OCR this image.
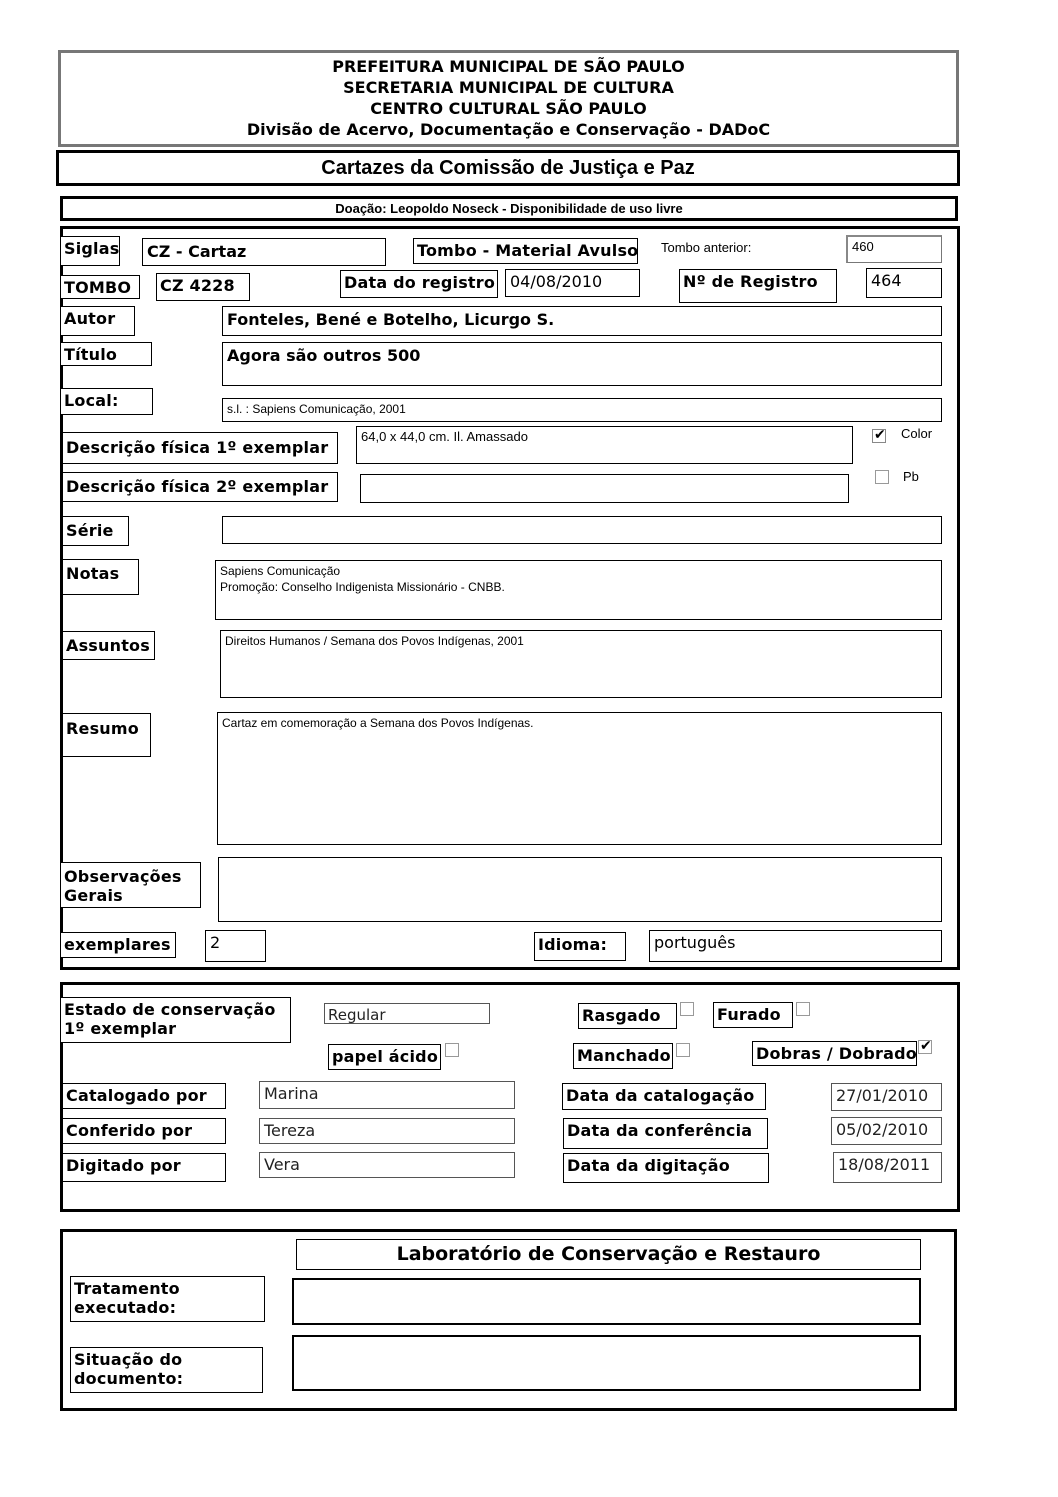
PREFEITURA MUNICIPAL DE SÃO PAULO
SECRETARIA MUNICIPAL DE CULTURA
CENTRO CULTURAL SÃO PAULO
Divisão de Acervo, Documentação e Conservação - DADoC
Cartazes da Comissão de Justiça e Paz
Doação: Leopoldo Noseck - Disponibilidade de uso livre
Siglas	CZ - Cartaz	Tombo - Material Avulso Tombo anterior:	460
TOMBO	CZ 4228	Data do registro 04/08/2010	Nº de Registro	464
Autor	Fonteles, Bené e Botelho, Licurgo S.
Título	Agora são outros 500
Local:	s.l. : Sapiens Comunicação, 2001
Descrição física 1º exemplar
64,0 x 44,0 cm. Il. Amassado	✔ Color
Descrição física 2º exemplar
Pb
Série
Notas	Sapiens Comunicação
Promoção: Conselho Indigenista Missionário - CNBB.
Assuntos	Direitos Humanos / Semana dos Povos Indígenas, 2001
Resumo	Cartaz em comemoração a Semana dos Povos Indígenas.
Observações Gerais
exemplares	2	Idioma:	português
Estado de conservação 1º exemplar
Regular	Rasgado	Furado
papel ácido	Manchado	Dobras / Dobrado ✔
Catalogado por	Marina	Data da catalogação	27/01/2010
Conferido por	Tereza	Data da conferência	05/02/2010
Digitado por	Vera	Data da digitação	18/08/2011
Laboratório de Conservação e Restauro
Tratamento executado:
Situação do documento:
